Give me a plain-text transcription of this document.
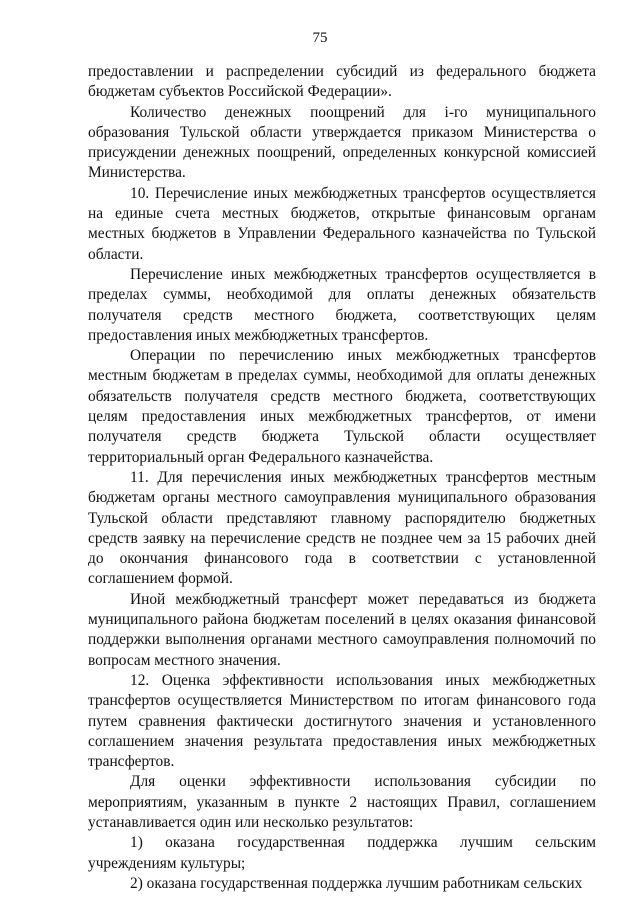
75

предоставлении и распределении субсидий из федерального бюджета бюджетам субъектов Российской Федерации».

Количество денежных поощрений для i-го муниципального образования Тульской области утверждается приказом Министерства о присуждении денежных поощрений, определенных конкурсной комиссией Министерства.

10. Перечисление иных межбюджетных трансфертов осуществляется на единые счета местных бюджетов, открытые финансовым органам местных бюджетов в Управлении Федерального казначейства по Тульской области.

Перечисление иных межбюджетных трансфертов осуществляется в пределах суммы, необходимой для оплаты денежных обязательств получателя средств местного бюджета, соответствующих целям предоставления иных межбюджетных трансфертов.

Операции по перечислению иных межбюджетных трансфертов местным бюджетам в пределах суммы, необходимой для оплаты денежных обязательств получателя средств местного бюджета, соответствующих целям предоставления иных межбюджетных трансфертов, от имени получателя средств бюджета Тульской области осуществляет территориальный орган Федерального казначейства.

11. Для перечисления иных межбюджетных трансфертов местным бюджетам органы местного самоуправления муниципального образования Тульской области представляют главному распорядителю бюджетных средств заявку на перечисление средств не позднее чем за 15 рабочих дней до окончания финансового года в соответствии с установленной соглашением формой.

Иной межбюджетный трансферт может передаваться из бюджета муниципального района бюджетам поселений в целях оказания финансовой поддержки выполнения органами местного самоуправления полномочий по вопросам местного значения.

12. Оценка эффективности использования иных межбюджетных трансфертов осуществляется Министерством по итогам финансового года путем сравнения фактически достигнутого значения и установленного соглашением значения результата предоставления иных межбюджетных трансфертов.

Для оценки эффективности использования субсидии по мероприятиям, указанным в пункте 2 настоящих Правил, соглашением устанавливается один или несколько результатов:

1) оказана государственная поддержка лучшим сельским учреждениям культуры;

2) оказана государственная поддержка лучшим работникам сельских
